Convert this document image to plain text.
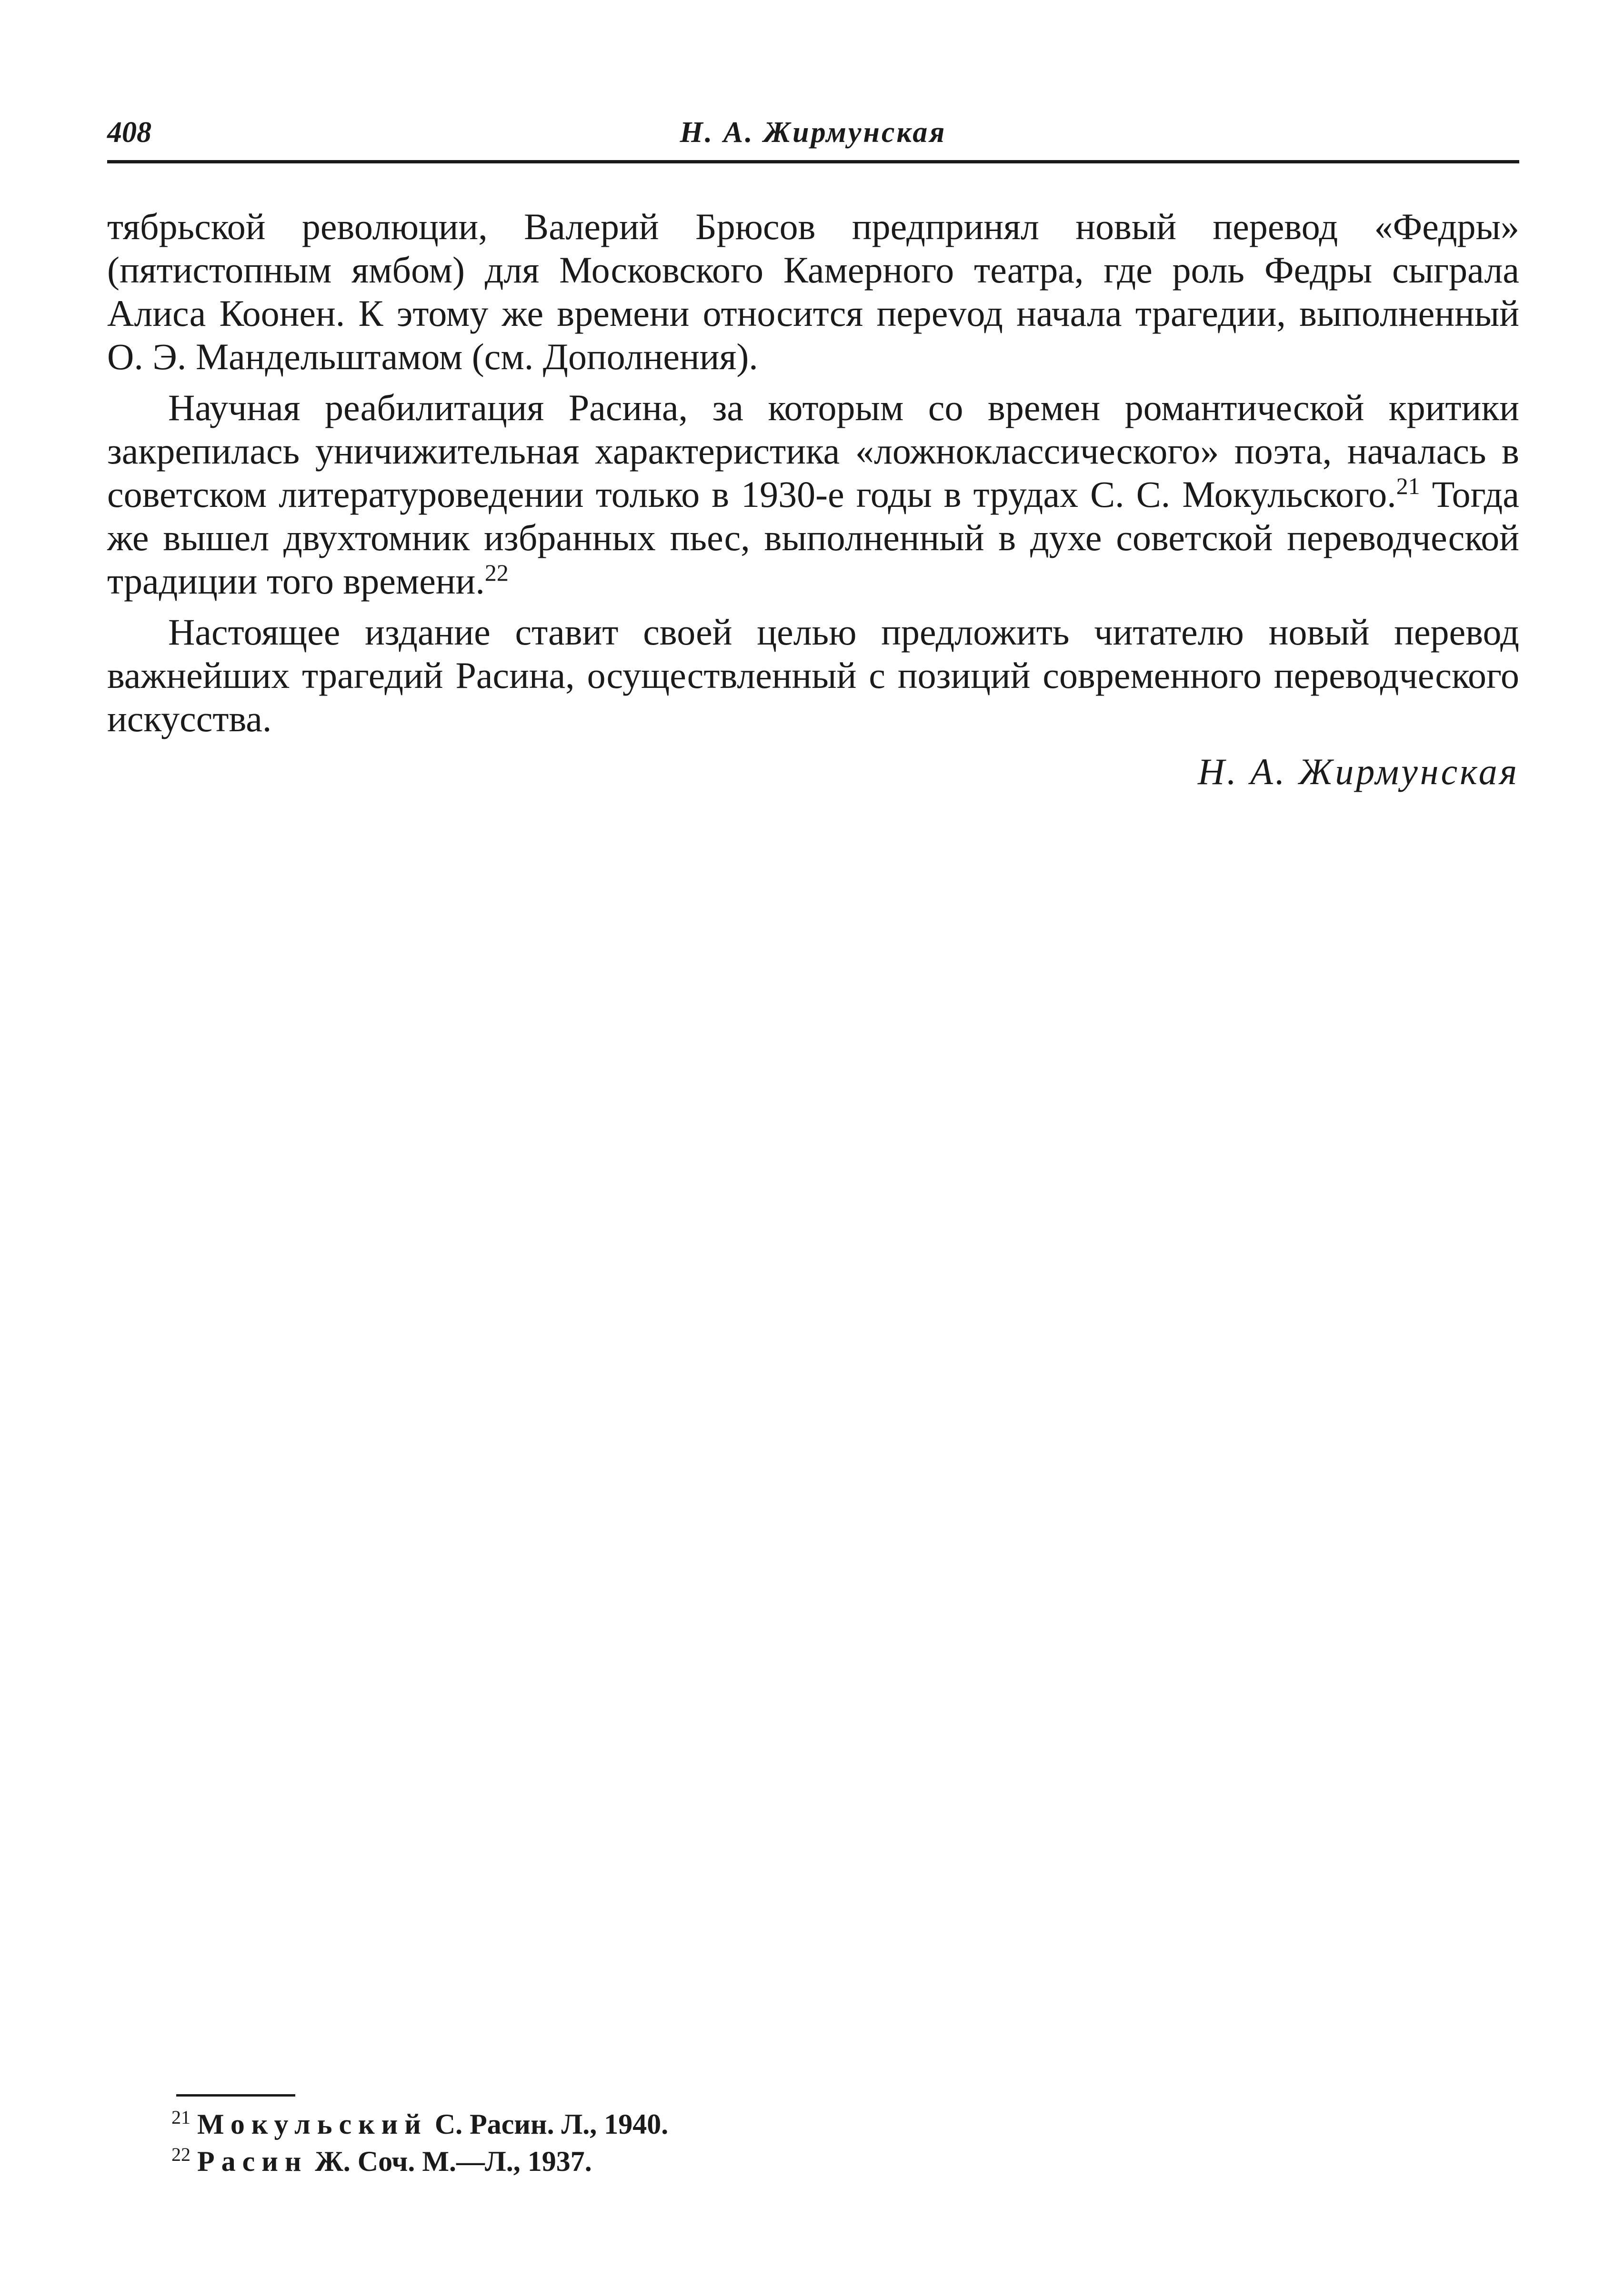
408	Н. А. Жирмунская

тябрьской революции, Валерий Брюсов предпринял новый перевод «Федры» (пятистопным ямбом) для Московского Камерного театра, где роль Федры сыграла Алиса Коонен. К этому же времени относится переvод начала трагедии, выполненный О. Э. Мандельштамом (см. Дополнения).

Научная реабилитация Расина, за которым со времен романтической критики закрепилась уничижительная характеристика «ложноклассического» поэта, началась в советском литературоведении только в 1930-е годы в трудах С. С. Мокульского.$^{21}$ Тогда же вышел двухтомник избранных пьес, выполненный в духе советской переводческой традиции того времени.$^{22}$

Настоящее издание ставит своей целью предложить читателю новый перевод важнейших трагедий Расина, осуществленный с позиций современного переводческого искусства.

Н. А. Жирмунская
$^{21}$ Мокульский С. Расин. Л., 1940.
$^{22}$ Расин Ж. Соч. М.—Л., 1937.
